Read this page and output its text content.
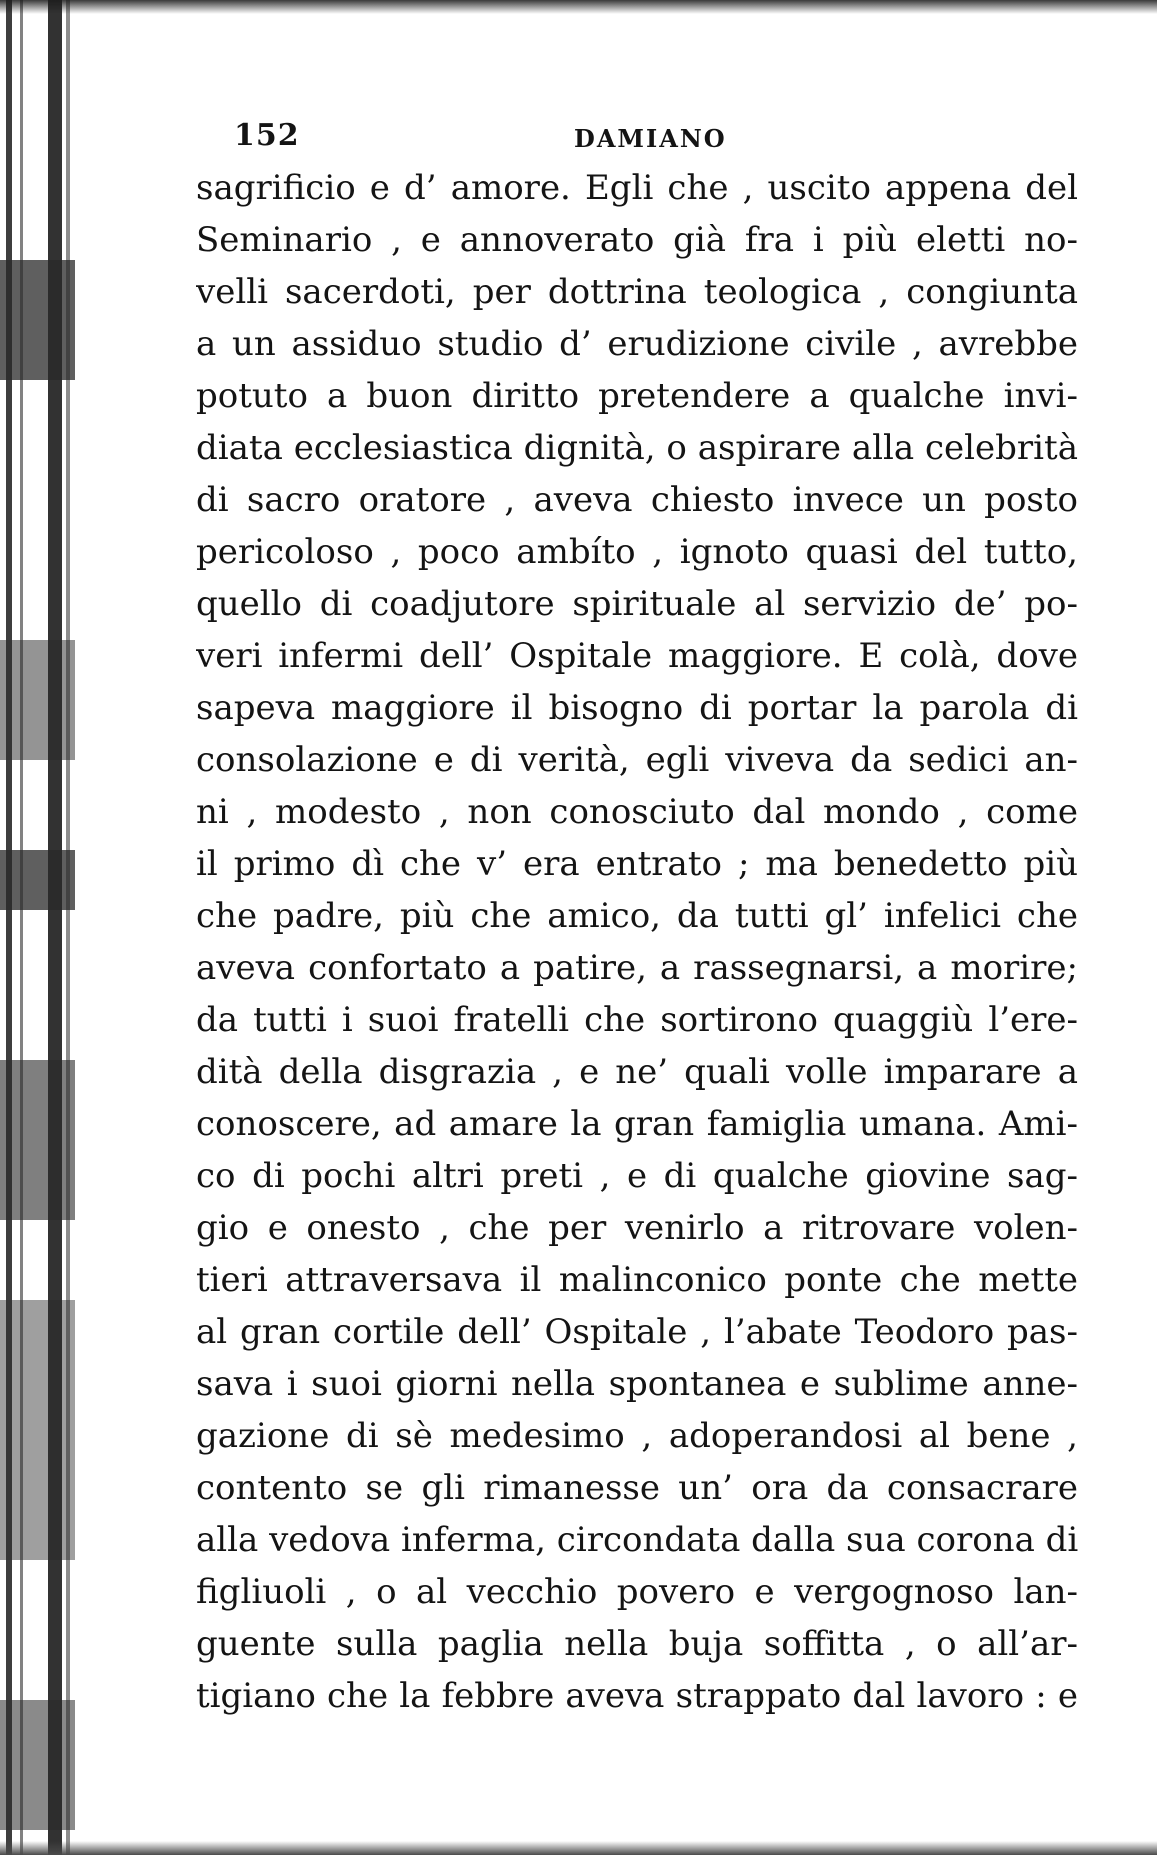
152	DAMIANO
sagrificio e d’ amore. Egli che , uscito appena del
Seminario , e annoverato già fra i più eletti no-
velli sacerdoti, per dottrina teologica , congiunta
a un assiduo studio d’ erudizione civile , avrebbe
potuto a buon diritto pretendere a qualche invi-
diata ecclesiastica dignità, o aspirare alla celebrità
di sacro oratore , aveva chiesto invece un posto
pericoloso , poco ambíto , ignoto quasi del tutto,
quello di coadjutore spirituale al servizio de’ po-
veri infermi dell’ Ospitale maggiore. E colà, dove
sapeva maggiore il bisogno di portar la parola di
consolazione e di verità, egli viveva da sedici an-
ni , modesto , non conosciuto dal mondo , come
il primo dì che v’ era entrato ; ma benedetto più
che padre, più che amico, da tutti gl’ infelici che
aveva confortato a patire, a rassegnarsi, a morire;
da tutti i suoi fratelli che sortirono quaggiù l’ere-
dità della disgrazia , e ne’ quali volle imparare a
conoscere, ad amare la gran famiglia umana. Ami-
co di pochi altri preti , e di qualche giovine sag-
gio e onesto , che per venirlo a ritrovare volen-
tieri attraversava il malinconico ponte che mette
al gran cortile dell’ Ospitale , l’abate Teodoro pas-
sava i suoi giorni nella spontanea e sublime anne-
gazione di sè medesimo , adoperandosi al bene ,
contento se gli rimanesse un’ ora da consacrare
alla vedova inferma, circondata dalla sua corona di
figliuoli , o al vecchio povero e vergognoso lan-
guente sulla paglia nella buja soffitta , o all’ar-
tigiano che la febbre aveva strappato dal lavoro : e
